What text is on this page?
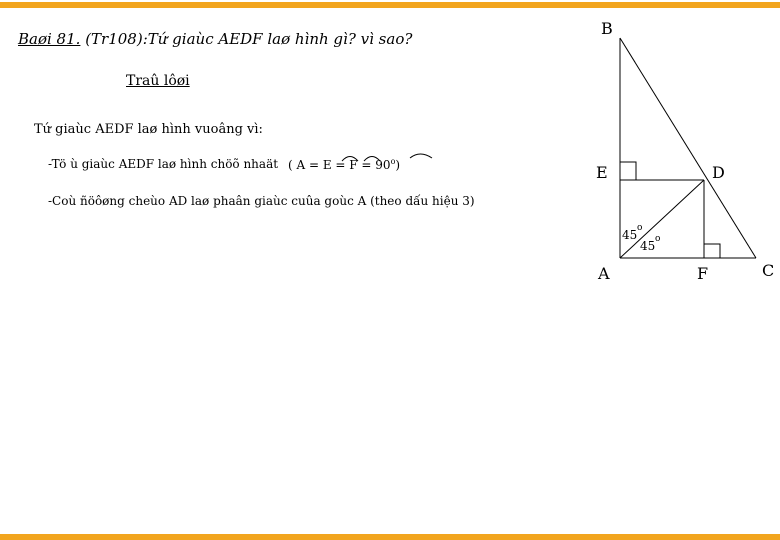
Baøi 81. (Tr108):Tứ giaùc AEDF laø hình gì? vì sao?
Traû lôøi
Tứ giaùc AEDF laø hình vuoâng vì:
-Tö ù giaùc AEDF laø hình chöõ nhaät ( $A = E = F = 90^o$)
-Coù ñöôøng cheùo AD laø phaân giaùc cuûa goùc A (theo dấu hiệu 3)
B
E	D
A	F	C
45 o
45 o
